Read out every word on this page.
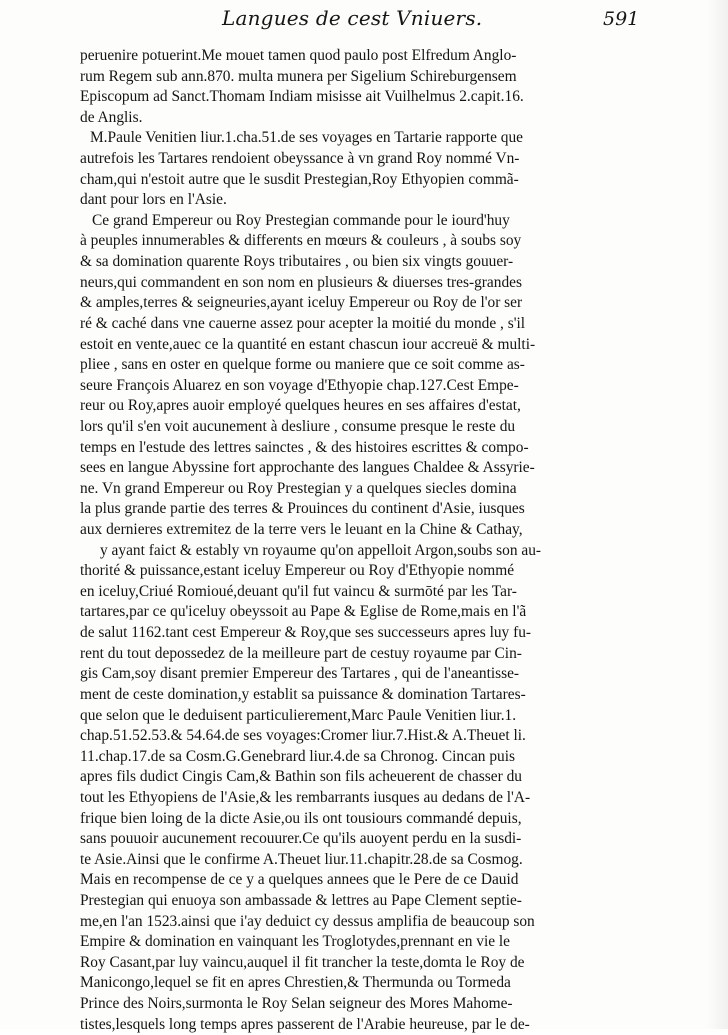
Langues de cest Vniuers.	591
peruenire potuerint.Me mouet tamen quod paulo post Elfredum Anglo-
rum Regem sub ann.870. multa munera per Sigelium Schireburgensem
Episcopum ad Sanct.Thomam Indiam misisse ait Vuilhelmus 2.capit.16.
de Anglis.
M.Paule Venitien liur.1.cha.51.de ses voyages en Tartarie rapporte que
autrefois les Tartares rendoient obeyssance à vn grand Roy nommé Vn-
cham,qui n'estoit autre que le susdit Prestegian,Roy Ethyopien commã-
dant pour lors en l'Asie.
Ce grand Empereur ou Roy Prestegian commande pour le iourd'huy
à peuples innumerables & differents en mœurs & couleurs , à soubs soy
& sa domination quarente Roys tributaires , ou bien six vingts gouuer-
neurs,qui commandent en son nom en plusieurs & diuerses tres-grandes
& amples,terres & seigneuries,ayant iceluy Empereur ou Roy de l'or ser
ré & caché dans vne cauerne assez pour acepter la moitié du monde , s'il
estoit en vente,auec ce la quantité en estant chascun iour accreuë & multi-
pliee , sans en oster en quelque forme ou maniere que ce soit comme as-
seure François Aluarez en son voyage d'Ethyopie chap.127.Cest Empe-
reur ou Roy,apres auoir employé quelques heures en ses affaires d'estat,
lors qu'il s'en voit aucunement à desliure , consume presque le reste du
temps en l'estude des lettres sainctes , & des histoires escrittes & compo-
sees en langue Abyssine fort approchante des langues Chaldee & Assyrie-
ne. Vn grand Empereur ou Roy Prestegian y a quelques siecles domina
la plus grande partie des terres & Prouinces du continent d'Asie, iusques
aux dernieres extremitez de la terre vers le leuant en la Chine & Cathay,
y ayant faict & estably vn royaume qu'on appelloit Argon,soubs son au-
thorité & puissance,estant iceluy Empereur ou Roy d'Ethyopie nommé
en iceluy,Criué Romioué,deuant qu'il fut vaincu & surmōté par les Tar-
tartares,par ce qu'iceluy obeyssoit au Pape & Eglise de Rome,mais en l'ã
de salut 1162.tant cest Empereur & Roy,que ses successeurs apres luy fu-
rent du tout depossedez de la meilleure part de cestuy royaume par Cin-
gis Cam,soy disant premier Empereur des Tartares , qui de l'aneantisse-
ment de ceste domination,y establit sa puissance & domination Tartares-
que selon que le deduisent particulierement,Marc Paule Venitien liur.1.
chap.51.52.53.& 54.64.de ses voyages:Cromer liur.7.Hist.& A.Theuet li.
11.chap.17.de sa Cosm.G.Genebrard liur.4.de sa Chronog. Cincan puis
apres fils dudict Cingis Cam,& Bathin son fils acheuerent de chasser du
tout les Ethyopiens de l'Asie,& les rembarrants iusques au dedans de l'A-
frique bien loing de la dicte Asie,ou ils ont tousiours commandé depuis,
sans pouuoir aucunement recouurer.Ce qu'ils auoyent perdu en la susdi-
te Asie.Ainsi que le confirme A.Theuet liur.11.chapitr.28.de sa Cosmog.
Mais en recompense de ce y a quelques annees que le Pere de ce Dauid
Prestegian qui enuoya son ambassade & lettres au Pape Clement septie-
me,en l'an 1523.ainsi que i'ay deduict cy dessus amplifia de beaucoup son
Empire & domination en vainquant les Troglotydes,prennant en vie le
Roy Casant,par luy vaincu,auquel il fit trancher la teste,domta le Roy de
Manicongo,lequel se fit en apres Chrestien,& Thermunda ou Tormeda
Prince des Noirs,surmonta le Roy Selan seigneur des Mores Mahome-
tistes,lesquels long temps apres passerent de l'Arabie heureuse, par le de-
